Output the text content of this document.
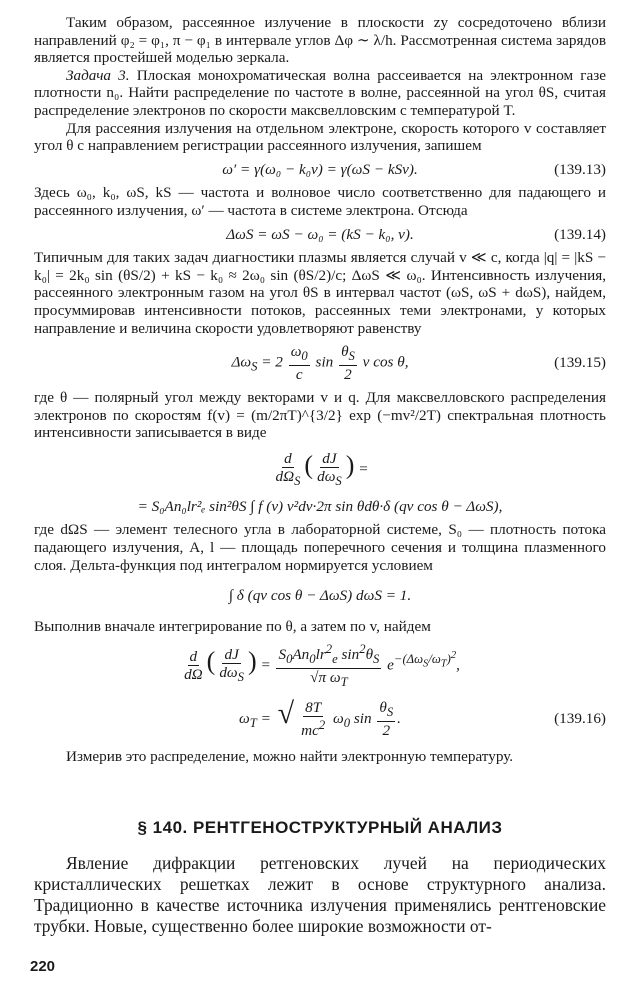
Таким образом, рассеянное излучение в плоскости zy сосредоточено вблизи направлений φ₂ = φ₁, π − φ₁ в интервале углов Δφ ∼ λ/h. Рассмотренная система зарядов является простейшей моделью зеркала.

Задача 3. Плоская монохроматическая волна рассеивается на электронном газе плотности n₀. Найти распределение по частоте в волне, рассеянной на угол θS, считая распределение электронов по скорости максвелловским с температурой T.

Для рассеяния излучения на отдельном электроне, скорость которого v составляет угол θ с направлением регистрации рассеянного излучения, запишем

ω′ = γ(ω₀ − k₀v) = γ(ωS − kSv).	(139.13)

Здесь ω₀, k₀, ωS, kS — частота и волновое число соответственно для падающего и рассеянного излучения, ω′ — частота в системе электрона. Отсюда

ΔωS = ωS − ω₀ = (kS − k₀, v).	(139.14)

Типичным для таких задач диагностики плазмы является случай v ≪ c, когда |q| = |kS − k₀| = 2k₀ sin (θS/2) + kS − k₀ ≈ 2ω₀ sin (θS/2)/c; ΔωS ≪ ω₀. Интенсивность излучения, рассеянного электронным газом на угол θS в интервал частот (ωS, ωS + dωS), найдем, просуммировав интенсивности потоков, рассеянных теми электронами, у которых направление и величина скорости удовлетворяют равенству

$\Delta\omega_S = 2 \frac{\omega_0}{c}$ $\sin \frac{\theta_S}{2}$ v cos θ,	(139.15)

где θ — полярный угол между векторами v и q. Для максвелловского распределения электронов по скоростям f(v) = (m/2πT)^{3/2} exp (−mv²/2T) спектральная плотность интенсивности записывается в виде

$\frac{d}{d\Omega_S}$ ( $\frac{dJ}{d\omega_S}$ ) =
= S₀An₀lr²ₑ sin²θS ∫ f (v) v²dv·2π sin θdθ·δ (qv cos θ − ΔωS),

где dΩS — элемент телесного угла в лабораторной системе, S₀ — плотность потока падающего излучения, A, l — площадь поперечного сечения и толщина плазменного слоя. Дельта-функция под интегралом нормируется условием

∫ δ (qv cos θ − ΔωS) dωS = 1.

Выполнив вначале интегрирование по θ, а затем по v, найдем

$\frac{d}{d\Omega}$ ( $\frac{dJ}{d\omega_S}$ ) = $\frac{S_0An_0lr^2_e \sin^2\theta_S}{√\pi \omega_T} e^{-(\Delta\omega_S/\omega_T)^2}$,
$\omega_T$ = √ $\frac{8T}{mc^2} \omega_0$ $\sin \frac{\theta_S}{2}$ .	(139.16)

Измерив это распределение, можно найти электронную температуру.

§ 140. РЕНТГЕНОСТРУКТУРНЫЙ АНАЛИЗ

Явление дифракции ретгеновских лучей на периодических кристаллических решетках лежит в основе структурного анализа. Традиционно в качестве источника излучения применялись рентгеновские трубки. Новые, существенно более широкие возможности от-

220
